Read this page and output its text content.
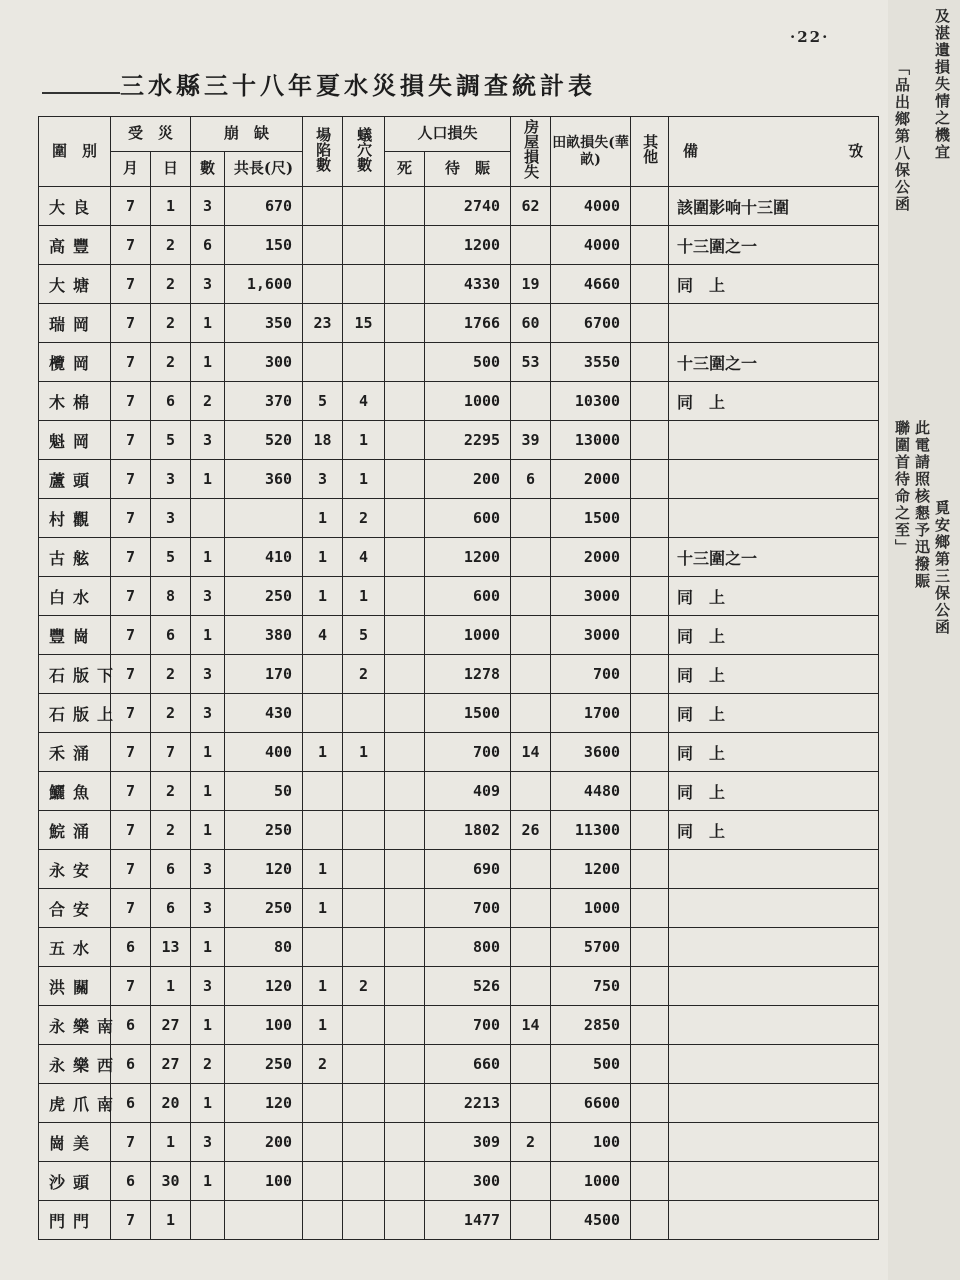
·22·
三水縣三十八年夏水災損失調查統計表
圍　別	受　災		崩　缺		場陷數	蟻穴數	人口損失		房屋損失	田畝損失(華畝)	其他	備　　　　　　　　　　攷
	月	日	數	共長(尺)			死	待　賑				
大良	7	1	3	670				2740	62	4000		該圍影响十三圍
高豐	7	2	6	150				1200		4000		十三圍之一
大塘	7	2	3	1,600				4330	19	4660		同　上
瑞岡	7	2	1	350	23	15		1766	60	6700		
欖岡	7	2	1	300				500	53	3550		十三圍之一
木棉	7	6	2	370	5	4		1000		10300		同　上
魁岡	7	5	3	520	18	1		2295	39	13000		
蘆頭	7	3	1	360	3	1		200	6	2000		
村觀	7	3			1	2		600		1500		
古舷	7	5	1	410	1	4		1200		2000		十三圍之一
白水	7	8	3	250	1	1		600		3000		同　上
豐崗	7	6	1	380	4	5		1000		3000		同　上
石版下	7	2	3	170		2		1278		700		同　上
石版上	7	2	3	430				1500		1700		同　上
禾涌	7	7	1	400	1	1		700	14	3600		同　上
鱺魚	7	2	1	50				409		4480		同　上
鯇涌	7	2	1	250				1802	26	11300		同　上
永安	7	6	3	120	1			690		1200		
合安	7	6	3	250	1			700		1000		
五水	6	13	1	80				800		5700		
洪關	7	1	3	120	1	2		526		750		
永樂南	6	27	1	100	1			700	14	2850		
永樂西	6	27	2	250	2			660		500		
虎爪南	6	20	1	120				2213		6600		
崗美	7	1	3	200				309	2	100		
沙頭	6	30	1	100				300		1000		
門門	7	1						1477		4500		
及湛遺損失情之機宜
此電請照核懇予迅撥賑
聯圍首待命之至」
覓安鄉第三保公函
「品出鄉第八保公函
